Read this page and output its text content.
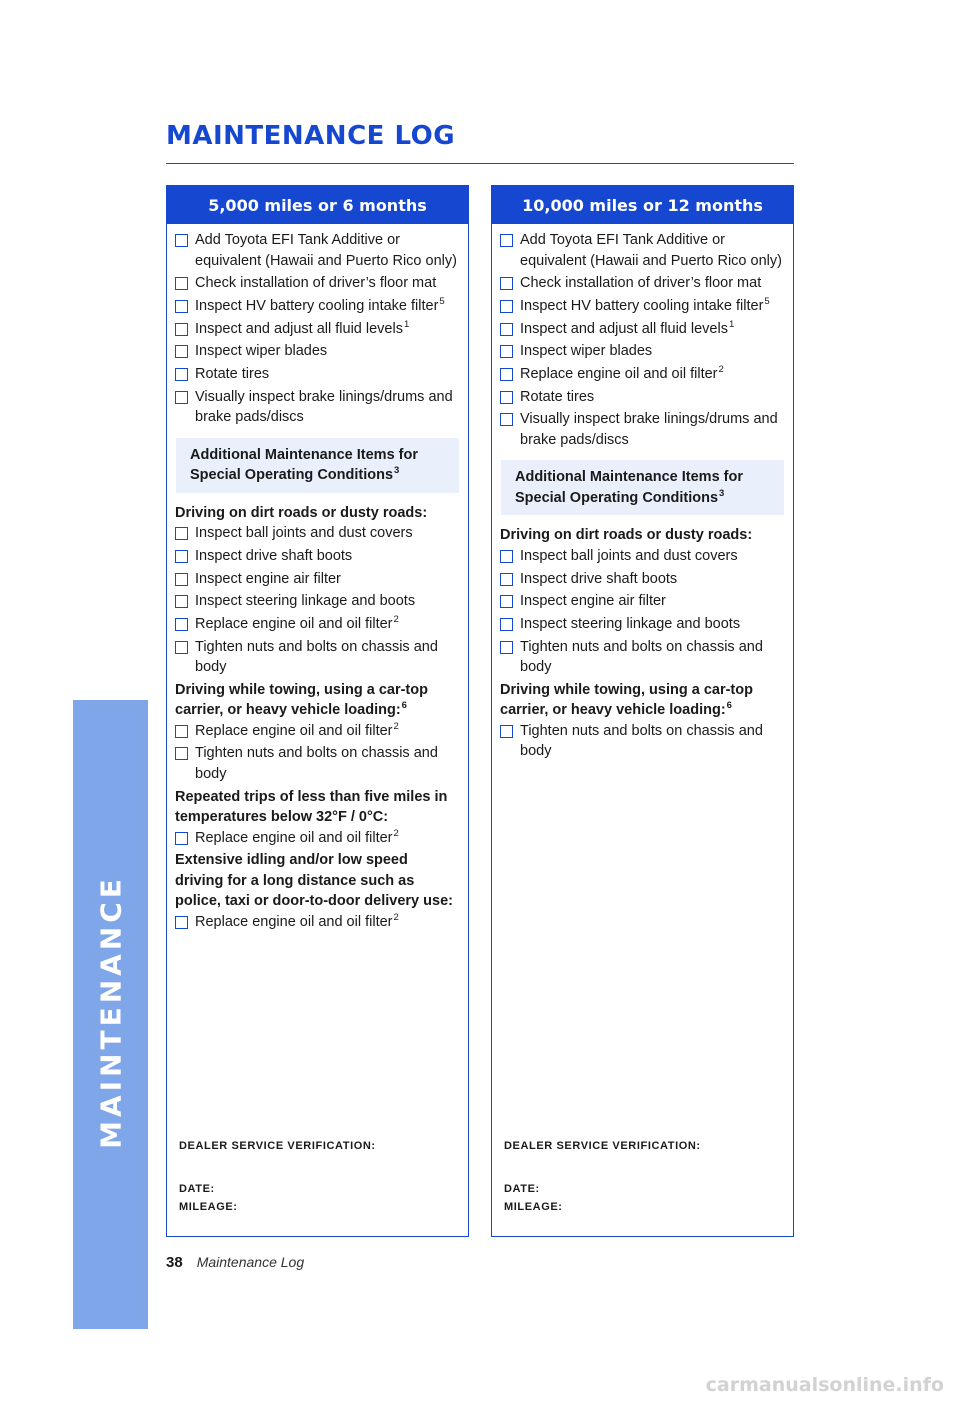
MAINTENANCE
MAINTENANCE LOG
5,000 miles or 6 months
Add Toyota EFI Tank Additive or equivalent (Hawaii and Puerto Rico only)
Check installation of driver’s floor mat
Inspect HV battery cooling intake filter$^5$
Inspect and adjust all fluid levels$^1$
Inspect wiper blades
Rotate tires
Visually inspect brake linings/drums and brake pads/discs
Additional Maintenance Items for Special Operating Conditions$^3$
Driving on dirt roads or dusty roads:
Inspect ball joints and dust covers
Inspect drive shaft boots
Inspect engine air filter
Inspect steering linkage and boots
Replace engine oil and oil filter$^2$
Tighten nuts and bolts on chassis and body
Driving while towing, using a car-top carrier, or heavy vehicle loading:$^6$
Replace engine oil and oil filter$^2$
Tighten nuts and bolts on chassis and body
Repeated trips of less than five miles in temperatures below 32°F / 0°C:
Replace engine oil and oil filter$^2$
Extensive idling and/or low speed driving for a long distance such as police, taxi or door-to-door delivery use:
Replace engine oil and oil filter$^2$
DEALER SERVICE VERIFICATION:
DATE:
MILEAGE:
10,000 miles or 12 months
Add Toyota EFI Tank Additive or equivalent (Hawaii and Puerto Rico only)
Check installation of driver’s floor mat
Inspect HV battery cooling intake filter$^5$
Inspect and adjust all fluid levels$^1$
Inspect wiper blades
Replace engine oil and oil filter$^2$
Rotate tires
Visually inspect brake linings/drums and brake pads/discs
Additional Maintenance Items for Special Operating Conditions$^3$
Driving on dirt roads or dusty roads:
Inspect ball joints and dust covers
Inspect drive shaft boots
Inspect engine air filter
Inspect steering linkage and boots
Tighten nuts and bolts on chassis and body
Driving while towing, using a car-top carrier, or heavy vehicle loading:$^6$
Tighten nuts and bolts on chassis and body
DEALER SERVICE VERIFICATION:
DATE:
MILEAGE:
38 Maintenance Log
carmanualsonline.info
